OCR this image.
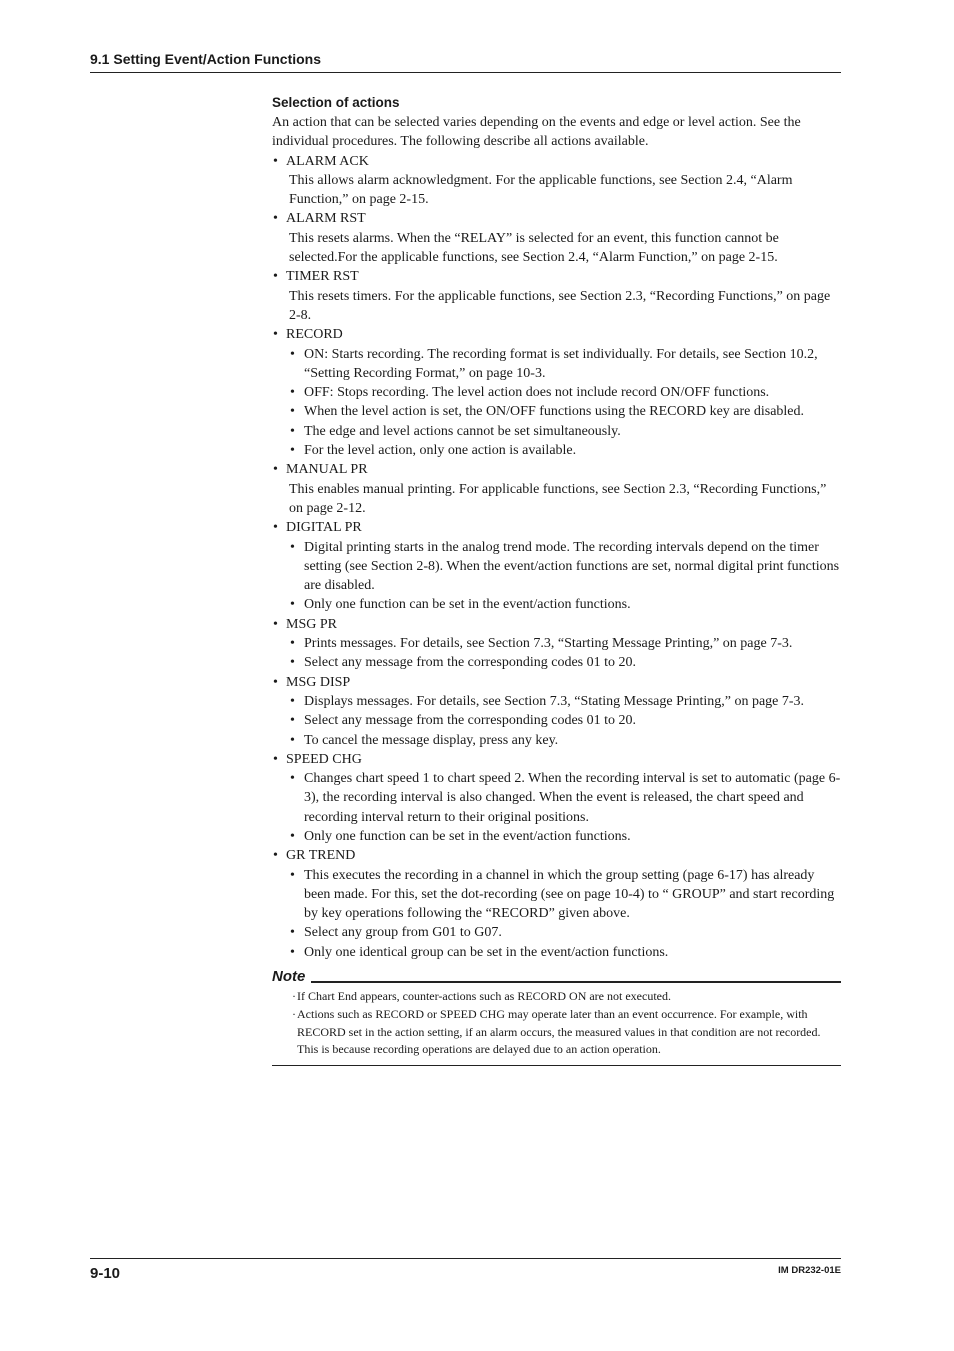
9.1 Setting Event/Action Functions
Selection of actions

An action that can be selected varies depending on the events and edge or level action. See the individual procedures. The following describe all actions available.

• ALARM ACK

This allows alarm acknowledgment. For the applicable functions, see Section 2.4, “Alarm Function,” on page 2-15.

• ALARM RST

This resets alarms. When the “RELAY” is selected for an event, this function cannot be selected.For the applicable functions, see Section 2.4, “Alarm Function,” on page 2-15.

• TIMER RST

This resets timers. For the applicable functions, see Section 2.3, “Recording Functions,” on page 2-8.

• RECORD
• ON: Starts recording. The recording format is set individually. For details, see Section 10.2, “Setting Recording Format,” on page 10-3.
• OFF: Stops recording. The level action does not include record ON/OFF functions.
• When the level action is set, the ON/OFF functions using the RECORD key are disabled.
• The edge and level actions cannot be set simultaneously.
• For the level action, only one action is available.
• MANUAL PR

This enables manual printing. For applicable functions, see Section 2.3, “Recording Functions,” on page 2-12.

• DIGITAL PR
• Digital printing starts in the analog trend mode. The recording intervals depend on the timer setting (see Section 2-8). When the event/action functions are set, normal digital print functions are disabled.
• Only one function can be set in the event/action functions.
• MSG PR
• Prints messages. For details, see Section 7.3, “Starting Message Printing,” on page 7-3.
• Select any message from the corresponding codes 01 to 20.
• MSG DISP
• Displays messages. For details, see Section 7.3, “Stating Message Printing,” on page 7-3.
• Select any message from the corresponding codes 01 to 20.
• To cancel the message display, press any key.
• SPEED CHG
• Changes chart speed 1 to chart speed 2. When the recording interval is set to automatic (page 6-3), the recording interval is also changed. When the event is released, the chart speed and recording interval return to their original positions.
• Only one function can be set in the event/action functions.
• GR TREND
• This executes the recording in a channel in which the group setting (page 6-17) has already been made. For this, set the dot-recording (see on page 10-4) to “ GROUP” and start recording by key operations following the “RECORD” given above.
• Select any group from G01 to G07.
• Only one identical group can be set in the event/action functions.
Note
· If Chart End appears, counter-actions such as RECORD ON are not executed.
· Actions such as RECORD or SPEED CHG may operate later than an event occurrence. For example, with RECORD set in the action setting, if an alarm occurs, the measured values in that condition are not recorded. This is because recording operations are delayed due to an action operation.
9-10	IM DR232-01E
